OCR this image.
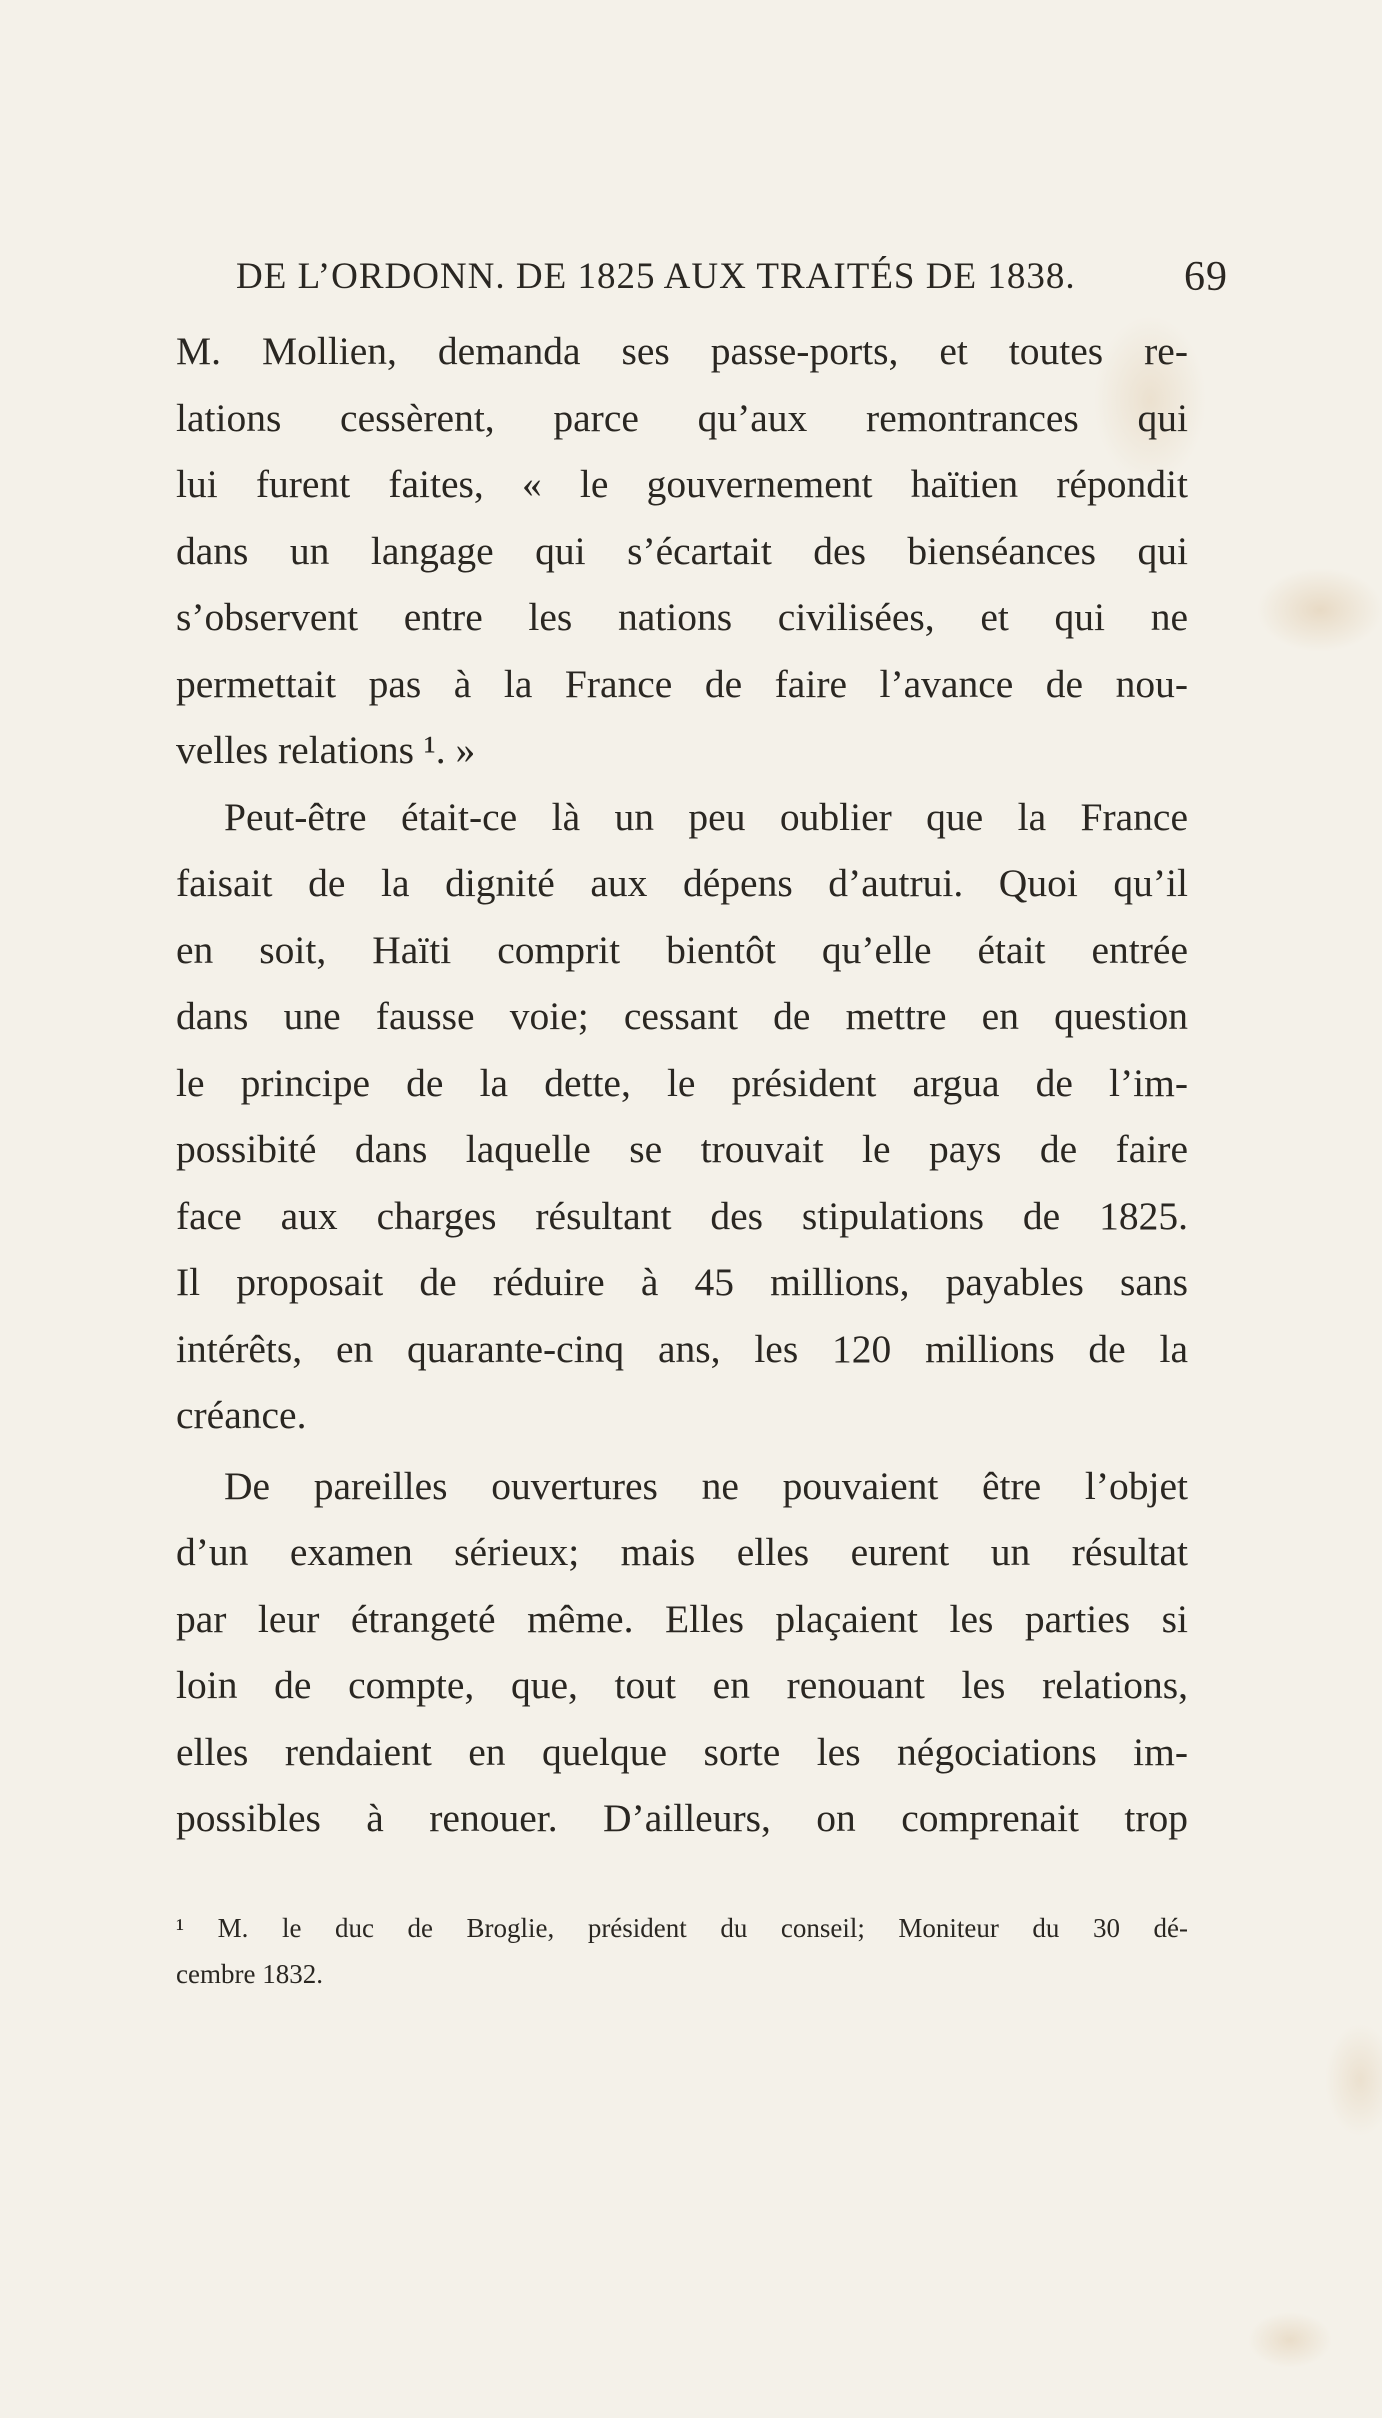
DE L’ORDONN. DE 1825 AUX TRAITÉS DE 1838.	69
M. Mollien, demanda ses passe-ports, et toutes re-
lations cessèrent, parce qu’aux remontrances qui
lui furent faites, « le gouvernement haïtien répondit
dans un langage qui s’écartait des bienséances qui
s’observent entre les nations civilisées, et qui ne
permettait pas à la France de faire l’avance de nou-
velles relations ¹. »
Peut-être était-ce là un peu oublier que la France
faisait de la dignité aux dépens d’autrui. Quoi qu’il
en soit, Haïti comprit bientôt qu’elle était entrée
dans une fausse voie; cessant de mettre en question
le principe de la dette, le président argua de l’im-
possibité dans laquelle se trouvait le pays de faire
face aux charges résultant des stipulations de 1825.
Il proposait de réduire à 45 millions, payables sans
intérêts, en quarante-cinq ans, les 120 millions de la
créance.
De pareilles ouvertures ne pouvaient être l’objet
d’un examen sérieux; mais elles eurent un résultat
par leur étrangeté même. Elles plaçaient les parties si
loin de compte, que, tout en renouant les relations,
elles rendaient en quelque sorte les négociations im-
possibles à renouer. D’ailleurs, on comprenait trop
¹ M. le duc de Broglie, président du conseil; Moniteur du 30 dé-
cembre 1832.
